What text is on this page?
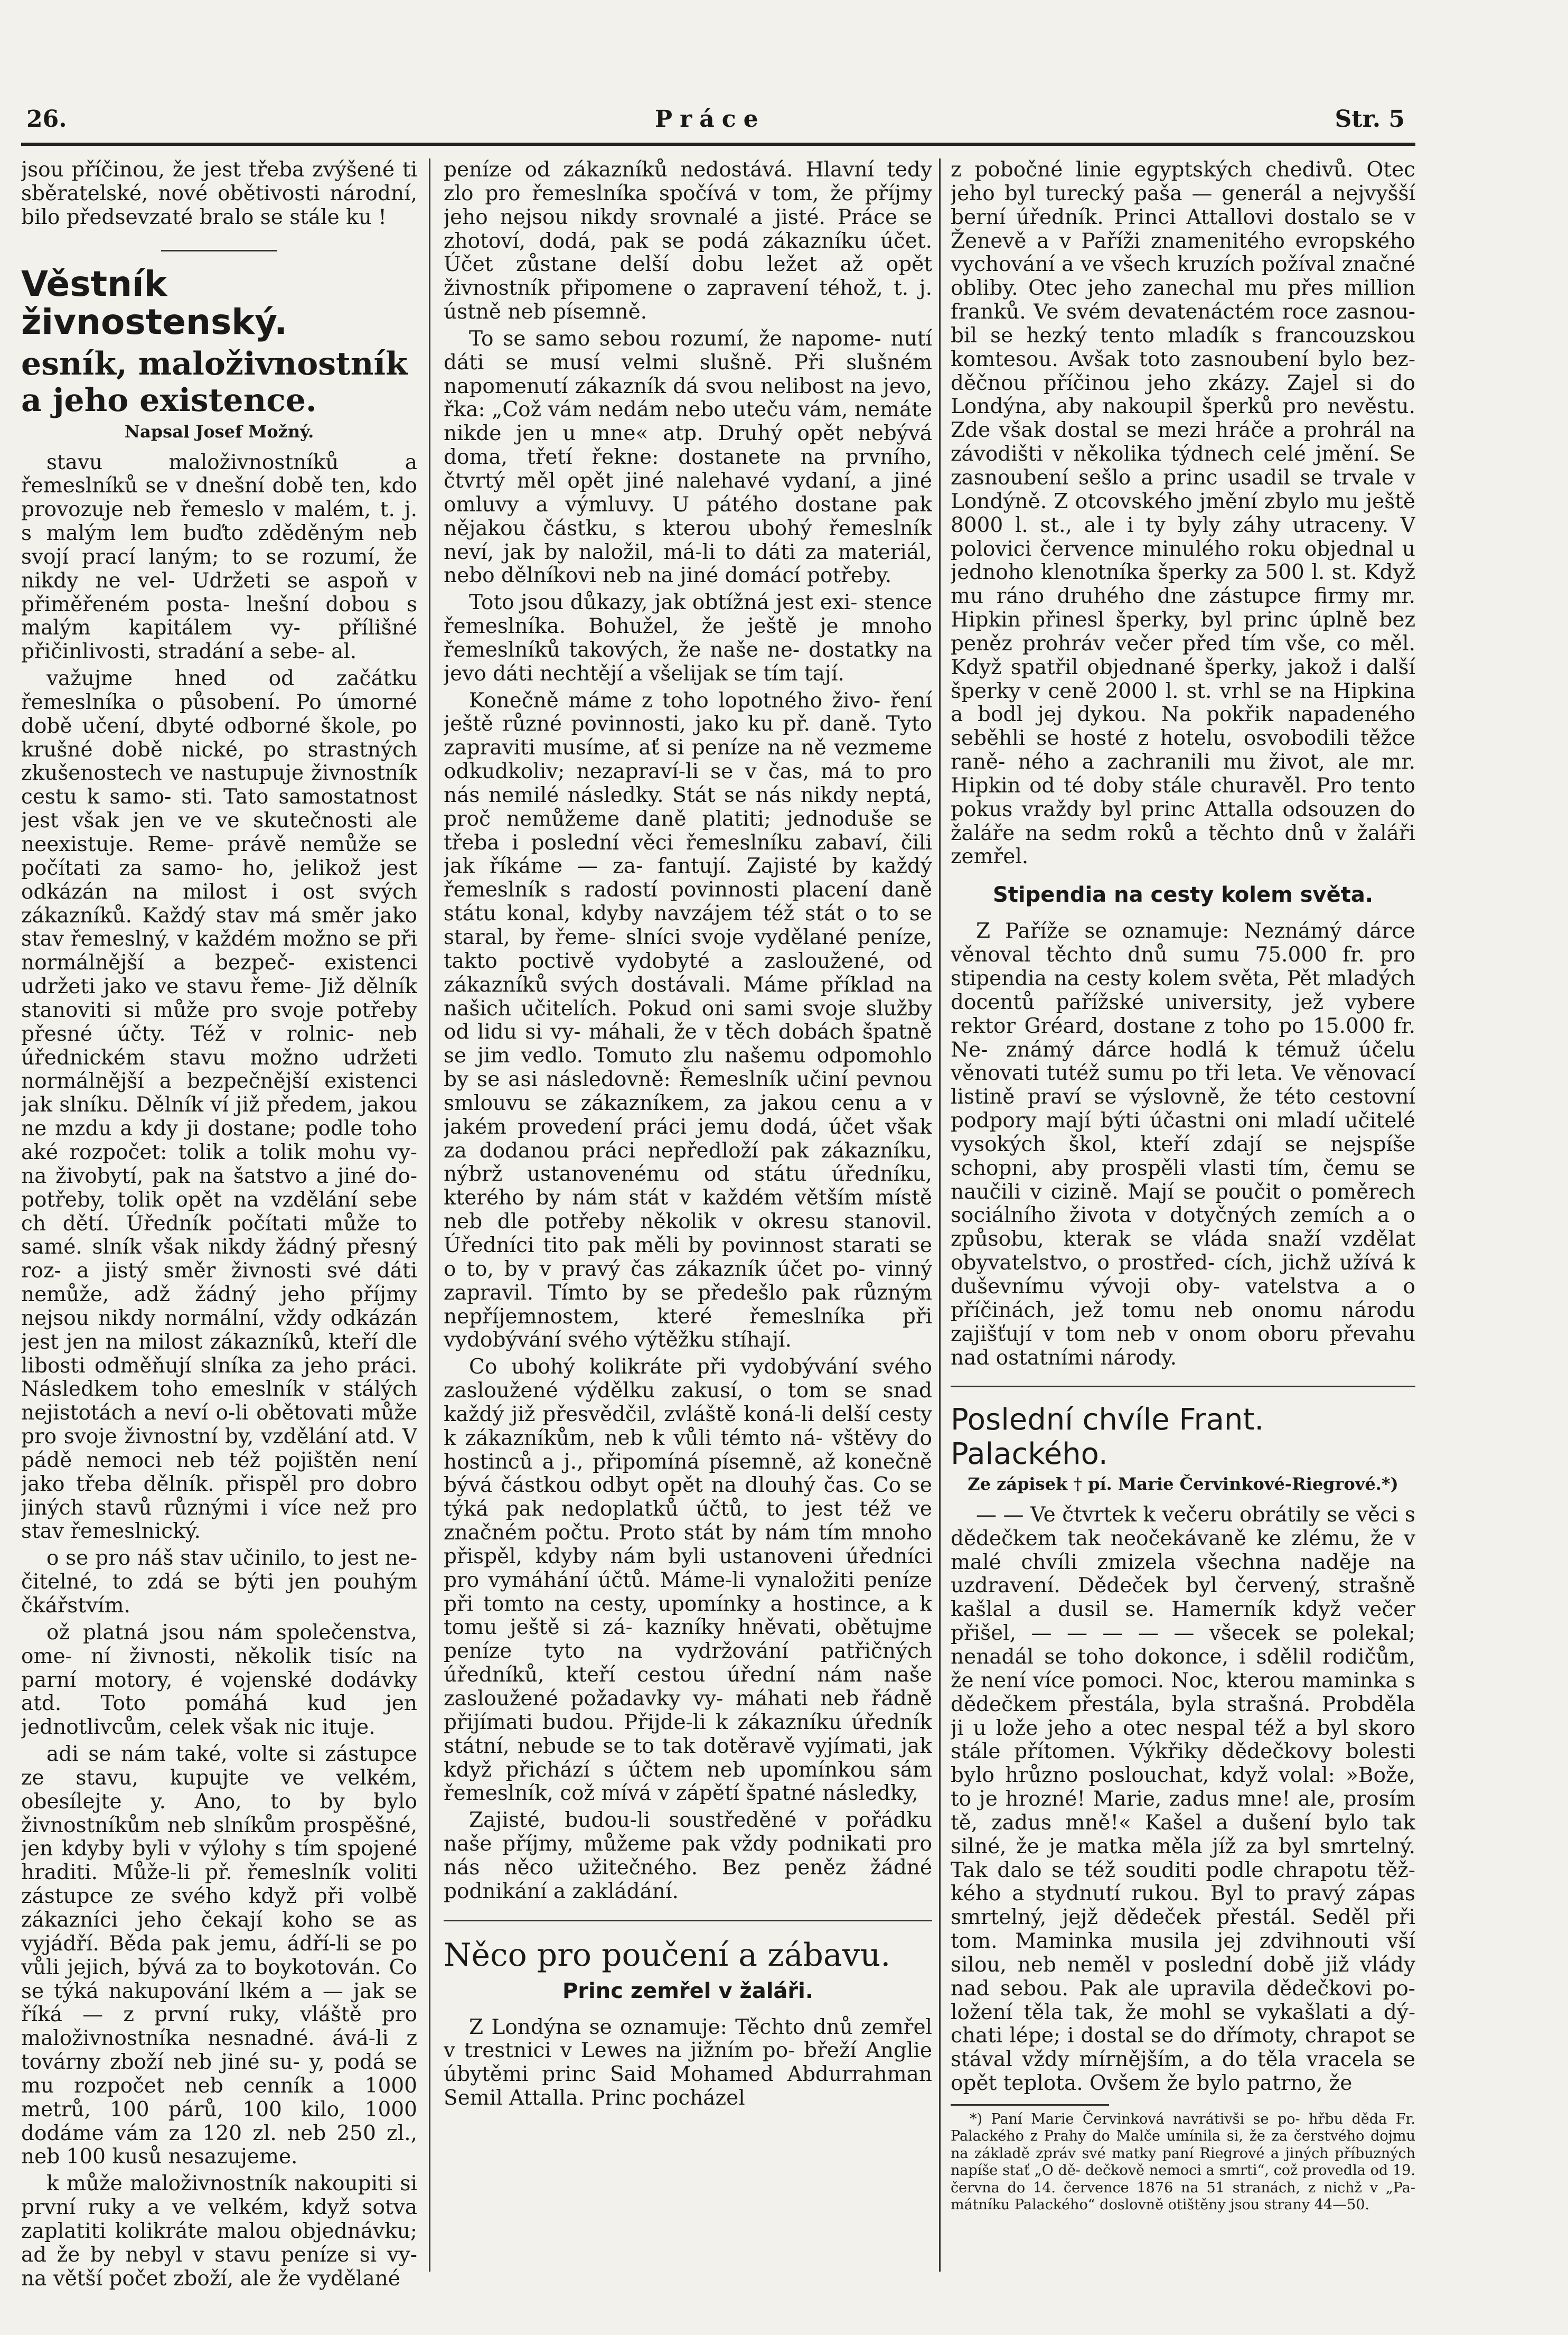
26.	Práce	Str. 5

jsou příčinou, že jest třeba zvýšené ti sběratelské, nové obětivosti národní, bilo předsevzaté bralo se stále ku !

Věstník živnostenský.
esník, maloživnostník a jeho existence.
Napsal Josef Možný.

stavu maloživnostníků a řemeslníků se v dnešní době ten, kdo provozuje neb řemeslo v malém, t. j. s malým lem buďto zděděným neb svojí prací laným; to se rozumí, že nikdy ne vel- Udržeti se aspoň v přiměřeném posta- lnešní dobou s malým kapitálem vy- přílišné přičinlivosti, stradání a sebe- al.

važujme hned od začátku řemeslníka o působení. Po úmorné době učení, dbyté odborné škole, po krušné době nické, po strastných zkušenostech ve nastupuje živnostník cestu k samo- sti. Tato samostatnost jest však jen ve ve skutečnosti ale neexistuje. Reme- právě nemůže se počítati za samo- ho, jelikož jest odkázán na milost i ost svých zákazníků. Každý stav má směr jako stav řemeslný, v každém možno se při normálnější a bezpeč- existenci udržeti jako ve stavu řeme- Již dělník stanoviti si může pro svoje potřeby přesné účty. Též v rolnic- neb úřednickém stavu možno udržeti normálnější a bezpečnější existenci jak slníku. Dělník ví již předem, jakou ne mzdu a kdy ji dostane; podle toho aké rozpočet: tolik a tolik mohu vy- na živobytí, pak na šatstvo a jiné do- potřeby, tolik opět na vzdělání sebe ch dětí. Úředník počítati může to samé. slník však nikdy žádný přesný roz- a jistý směr živnosti své dáti nemůže, adž žádný jeho příjmy nejsou nikdy normální, vždy odkázán jest jen na milost zákazníků, kteří dle libosti odměňují slníka za jeho práci. Následkem toho emeslník v stálých nejistotách a neví o-li obětovati může pro svoje živnostní by, vzdělání atd. V pádě nemoci neb též pojištěn není jako třeba dělník. přispěl pro dobro jiných stavů různými i více než pro stav řemeslnický.

o se pro náš stav učinilo, to jest ne- čitelné, to zdá se býti jen pouhým čkářstvím.

ož platná jsou nám společenstva, ome- ní živnosti, několik tisíc na parní motory, é vojenské dodávky atd. Toto pomáhá kud jen jednotlivcům, celek však nic ituje.

adi se nám také, volte si zástupce ze stavu, kupujte ve velkém, obesílejte y. Ano, to by bylo živnostníkům neb slníkům prospěšné, jen kdyby byli v výlohy s tím spojené hraditi. Může-li př. řemeslník voliti zástupce ze svého když při volbě zákazníci jeho čekají koho se as vyjádří. Běda pak jemu, ádří-li se po vůli jejich, bývá za to boykotován. Co se týká nakupování lkém a — jak se říká — z první ruky, vláště pro maloživnostníka nesnadné. ává-li z továrny zboží neb jiné su- y, podá se mu rozpočet neb cenník a 1000 metrů, 100 párů, 100 kilo, 1000 dodáme vám za 120 zl. neb 250 zl., neb 100 kusů nesazujeme.

k může maloživnostník nakoupiti si první ruky a ve velkém, když sotva zaplatiti kolikráte malou objednávku; ad že by nebyl v stavu peníze si vy- na větší počet zboží, ale že vydělané

peníze od zákazníků nedostává. Hlavní tedy zlo pro řemeslníka spočívá v tom, že příjmy jeho nejsou nikdy srovnalé a jisté. Práce se zhotoví, dodá, pak se podá zákazníku účet. Účet zůstane delší dobu ležet až opět živnostník připomene o zapravení téhož, t. j. ústně neb písemně.

To se samo sebou rozumí, že napome- nutí dáti se musí velmi slušně. Při slušném napomenutí zákazník dá svou nelibost na jevo, řka: „Což vám nedám nebo uteču vám, nemáte nikde jen u mne« atp. Druhý opět nebývá doma, třetí řekne: dostanete na prvního, čtvrtý měl opět jiné nalehavé vydaní, a jiné omluvy a výmluvy. U pátého dostane pak nějakou částku, s kterou ubohý řemeslník neví, jak by naložil, má-li to dáti za materiál, nebo dělníkovi neb na jiné domácí potřeby.

Toto jsou důkazy, jak obtížná jest exi- stence řemeslníka. Bohužel, že ještě je mnoho řemeslníků takových, že naše ne- dostatky na jevo dáti nechtějí a všelijak se tím tají.

Konečně máme z toho lopotného živo- ření ještě různé povinnosti, jako ku př. daně. Tyto zapraviti musíme, ať si peníze na ně vezmeme odkudkoliv; nezapraví-li se v čas, má to pro nás nemilé následky. Stát se nás nikdy neptá, proč nemůžeme daně platiti; jednoduše se třeba i poslední věci řemeslníku zabaví, čili jak říkáme — za- fantují. Zajisté by každý řemeslník s radostí povinnosti placení daně státu konal, kdyby navzájem též stát o to se staral, by řeme- slníci svoje vydělané peníze, takto poctivě vydobyté a zasloužené, od zákazníků svých dostávali. Máme příklad na našich učitelích. Pokud oni sami svoje služby od lidu si vy- máhali, že v těch dobách špatně se jim vedlo. Tomuto zlu našemu odpomohlo by se asi následovně: Řemeslník učiní pevnou smlouvu se zákazníkem, za jakou cenu a v jakém provedení práci jemu dodá, účet však za dodanou práci nepředloží pak zákazníku, nýbrž ustanovenému od státu úředníku, kterého by nám stát v každém větším místě neb dle potřeby několik v okresu stanovil. Úředníci tito pak měli by povinnost starati se o to, by v pravý čas zákazník účet po- vinný zapravil. Tímto by se předešlo pak různým nepříjemnostem, které řemeslníka při vydobývání svého výtěžku stíhají.

Co ubohý kolikráte při vydobývání svého zasloužené výdělku zakusí, o tom se snad každý již přesvědčil, zvláště koná-li delší cesty k zákazníkům, neb k vůli témto ná- vštěvy do hostinců a j., připomíná písemně, až konečně bývá částkou odbyt opět na dlouhý čas. Co se týká pak nedoplatků účtů, to jest též ve značném počtu. Proto stát by nám tím mnoho přispěl, kdyby nám byli ustanoveni úředníci pro vymáhání účtů. Máme-li vynaložiti peníze při tomto na cesty, upomínky a hostince, a k tomu ještě si zá- kazníky hněvati, obětujme peníze tyto na vydržování patřičných úředníků, kteří cestou úřední nám naše zasloužené požadavky vy- máhati neb řádně přijímati budou. Přijde-li k zákazníku úředník státní, nebude se to tak dotěravě vyjímati, jak když přichází s účtem neb upomínkou sám řemeslník, což mívá v zápětí špatné následky,

Zajisté, budou-li soustředěné v pořádku naše příjmy, můžeme pak vždy podnikati pro nás něco užitečného. Bez peněz žádné podnikání a zakládání.

Něco pro poučení a zábavu.
Princ zemřel v žaláři.

Z Londýna se oznamuje: Těchto dnů zemřel v trestnici v Lewes na jižním po- břeží Anglie úbytěmi princ Said Mohamed Abdurrahman Semil Attalla. Princ pocházel

z pobočné linie egyptských chedivů. Otec jeho byl turecký paša — generál a nejvyšší berní úředník. Princi Attallovi dostalo se v Ženevě a v Paříži znamenitého evropského vychování a ve všech kruzích požíval značné obliby. Otec jeho zanechal mu přes million franků. Ve svém devatenáctém roce zasnou- bil se hezký tento mladík s francouzskou komtesou. Avšak toto zasnoubení bylo bez- děčnou příčinou jeho zkázy. Zajel si do Londýna, aby nakoupil šperků pro nevěstu. Zde však dostal se mezi hráče a prohrál na závodišti v několika týdnech celé jmění. Se zasnoubení sešlo a princ usadil se trvale v Londýně. Z otcovského jmění zbylo mu ještě 8000 l. st., ale i ty byly záhy utraceny. V polovici července minulého roku objednal u jednoho klenotníka šperky za 500 l. st. Když mu ráno druhého dne zástupce firmy mr. Hipkin přinesl šperky, byl princ úplně bez peněz prohráv večer před tím vše, co měl. Když spatřil objednané šperky, jakož i další šperky v ceně 2000 l. st. vrhl se na Hipkina a bodl jej dykou. Na pokřik napadeného seběhli se hosté z hotelu, osvobodili těžce raně- ného a zachranili mu život, ale mr. Hipkin od té doby stále churavěl. Pro tento pokus vraždy byl princ Attalla odsouzen do žaláře na sedm roků a těchto dnů v žaláři zemřel.

Stipendia na cesty kolem světa.

Z Paříže se oznamuje: Neznámý dárce věnoval těchto dnů sumu 75.000 fr. pro stipendia na cesty kolem světa, Pět mladých docentů pařížské university, jež vybere rektor Gréard, dostane z toho po 15.000 fr. Ne- známý dárce hodlá k témuž účelu věnovati tutéž sumu po tři leta. Ve věnovací listině praví se výslovně, že této cestovní podpory mají býti účastni oni mladí učitelé vysokých škol, kteří zdají se nejspíše schopni, aby prospěli vlasti tím, čemu se naučili v cizině. Mají se poučit o poměrech sociálního života v dotyčných zemích a o způsobu, kterak se vláda snaží vzdělat obyvatelstvo, o prostřed- cích, jichž užívá k duševnímu vývoji oby- vatelstva a o příčinách, jež tomu neb onomu národu zajišťují v tom neb v onom oboru převahu nad ostatními národy.

Poslední chvíle Frant. Palackého.
Ze zápisek † pí. Marie Červinkové-Riegrové.*)

— — Ve čtvrtek k večeru obrátily se věci s dědečkem tak neočekávaně ke zlému, že v malé chvíli zmizela všechna naděje na uzdravení. Dědeček byl červený, strašně kašlal a dusil se. Hamerník když večer přišel, — — — — — všecek se polekal; nenadál se toho dokonce, i sdělil rodičům, že není více pomoci. Noc, kterou maminka s dědečkem přestála, byla strašná. Probděla ji u lože jeho a otec nespal též a byl skoro stále přítomen. Výkřiky dědečkovy bolesti bylo hrůzno poslouchat, když volal: »Bože, to je hrozné! Marie, zadus mne! ale, prosím tě, zadus mně!« Kašel a dušení bylo tak silné, že je matka měla jíž za byl smrtelný. Tak dalo se též souditi podle chrapotu těž- kého a stydnutí rukou. Byl to pravý zápas smrtelný, jejž dědeček přestál. Seděl při tom. Maminka musila jej zdvihnouti vší silou, neb neměl v poslední době již vlády nad sebou. Pak ale upravila dědečkovi po- ložení těla tak, že mohl se vykašlati a dý- chati lépe; i dostal se do dřímoty, chrapot se stával vždy mírnějším, a do těla vracela se opět teplota. Ovšem že bylo patrno, že

*) Paní Marie Červinková navrátivši se po- hřbu děda Fr. Palackého z Prahy do Malče umínila si, že za čerstvého dojmu na základě zpráv své matky paní Riegrové a jiných příbuzných napíše stať „O dě- dečkově nemoci a smrti“, což provedla od 19. června do 14. července 1876 na 51 stranách, z nichž v „Pa- mátníku Palackého“ doslovně otištěny jsou strany 44—50.
